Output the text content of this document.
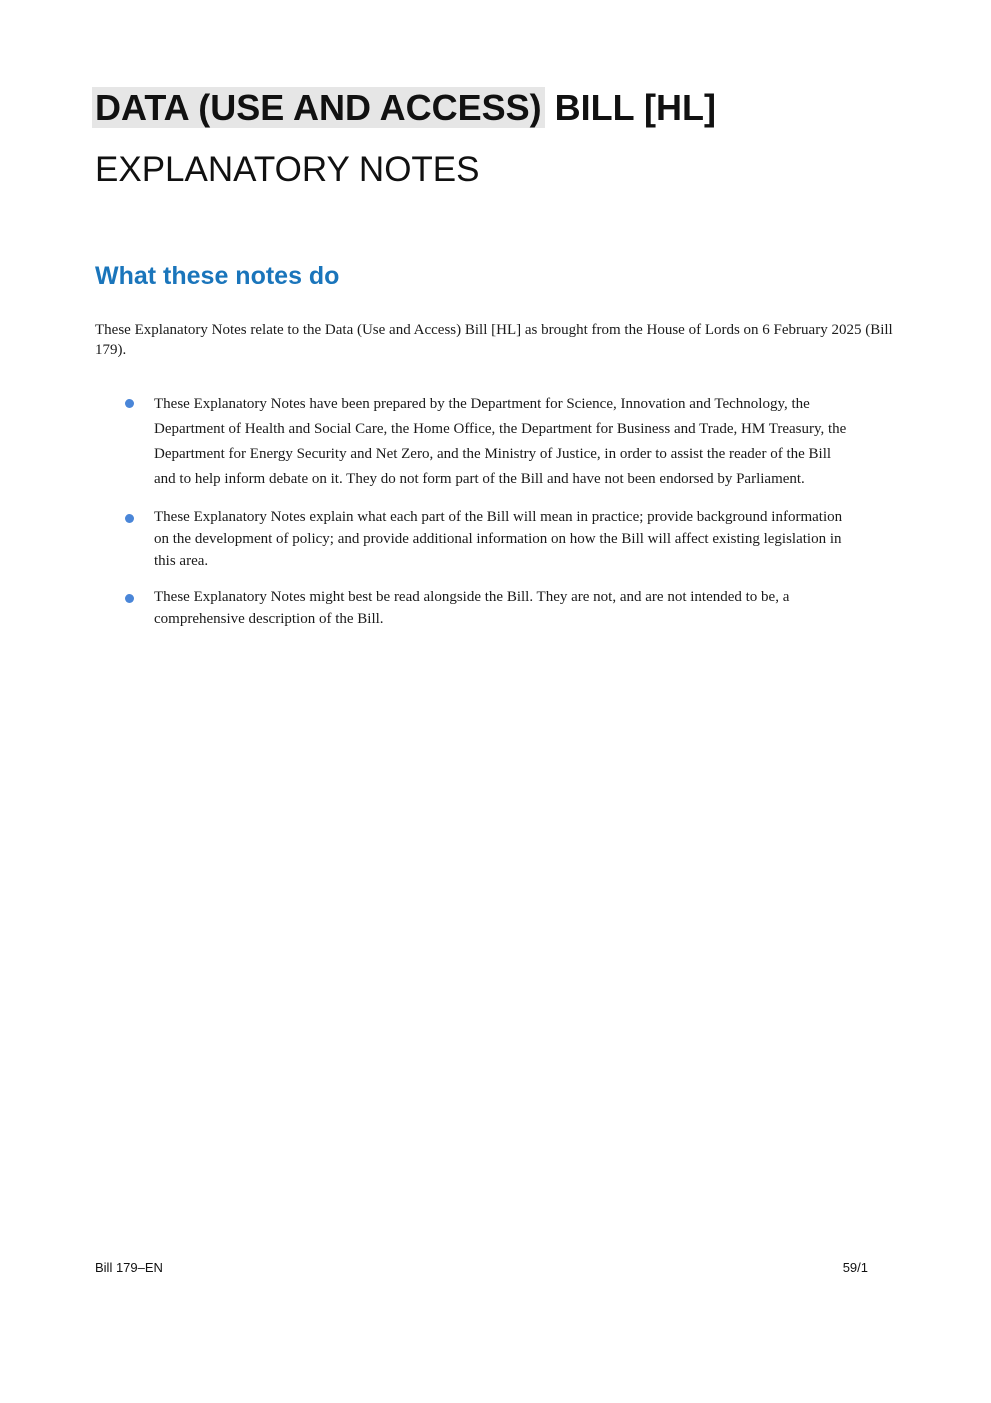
DATA (USE AND ACCESS) BILL [HL]
EXPLANATORY NOTES
What these notes do

These Explanatory Notes relate to the Data (Use and Access) Bill [HL] as brought from the House of Lords on 6 February 2025 (Bill 179).

These Explanatory Notes have been prepared by the Department for Science, Innovation and Technology, the Department of Health and Social Care, the Home Office, the Department for Business and Trade, HM Treasury, the Department for Energy Security and Net Zero, and the Ministry of Justice, in order to assist the reader of the Bill and to help inform debate on it. They do not form part of the Bill and have not been endorsed by Parliament.
These Explanatory Notes explain what each part of the Bill will mean in practice; provide background information on the development of policy; and provide additional information on how the Bill will affect existing legislation in this area.
These Explanatory Notes might best be read alongside the Bill. They are not, and are not intended to be, a comprehensive description of the Bill.

Bill 179–EN	59/1
